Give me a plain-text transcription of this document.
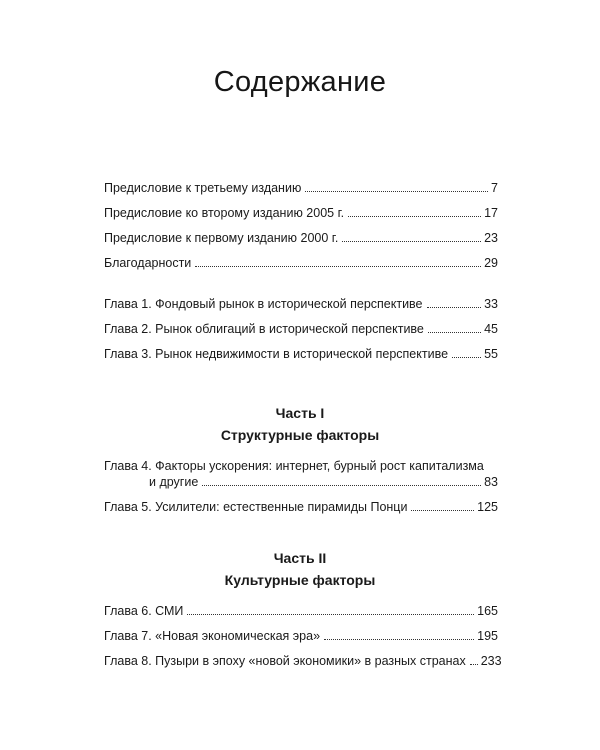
Содержание
Предисловие к третьему изданию	7
Предисловие ко второму изданию 2005 г.	17
Предисловие к первому изданию 2000 г.	23
Благодарности	29
Глава 1. Фондовый рынок в исторической перспективе	33
Глава 2. Рынок облигаций в исторической перспективе	45
Глава 3. Рынок недвижимости в исторической перспективе	55
Часть I
Структурные факторы
Глава 4. Факторы ускорения: интернет, бурный рост капитализма
и другие	83
Глава 5. Усилители: естественные пирамиды Понци	125
Часть II
Культурные факторы
Глава 6. СМИ	165
Глава 7. «Новая экономическая эра»	195
Глава 8. Пузыри в эпоху «новой экономики» в разных странах	233
